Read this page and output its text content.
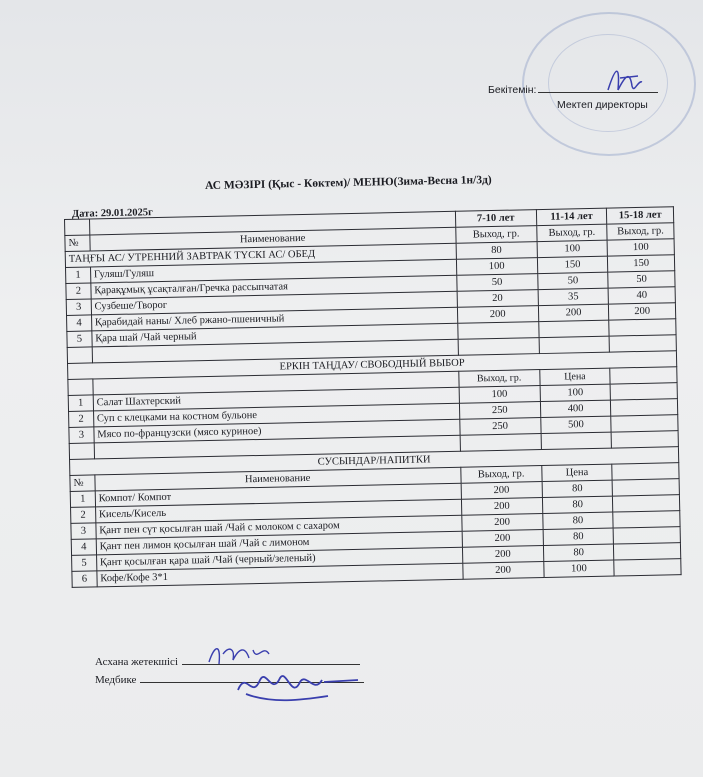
Бекітемін:
Мектеп директоры
АС МӘЗІРІ (Қыс - Көктем)/ МЕНЮ(Зима-Весна 1н/3д)
Дата: 29.01.2025г
			7-10 лет	11-14 лет	15-18 лет
№	Наименование	Выход, гр.	Выход, гр.	Выход, гр.
ТАҢҒЫ АС/ УТРЕННИЙ ЗАВТРАК ТҮСКІ АС/ ОБЕД		80	100	100
1	Гуляш/Гуляш	100	150	150
2	Қарақұмық ұсақталған/Гречка рассыпчатая	50	50	50
3	Сузбеше/Творог	20	35	40
4	Қарабидай наны/ Хлеб ржано-пшеничный	200	200	200
5	Қара шай /Чай черный			

ЕРКІН ТАҢДАУ/ СВОБОДНЫЙ ВЫБОР				
		Выход, гр.	Цена	
1	Салат Шахтерский	100	100	
2	Суп с клецками на костном бульоне	250	400	
3	Мясо по-французски (мясо куриное)	250	500	

СУСЫНДАР/НАПИТКИ				
№	Наименование	Выход, гр.	Цена	
1	Компот/ Компот	200	80	
2	Кисель/Кисель	200	80	
3	Қант пен сүт қосылған шай /Чай с молоком с сахаром	200	80	
4	Қант пен лимон қосылған шай /Чай с лимоном	200	80	
5	Қант қосылған қара шай /Чай (черный/зеленый)	200	80	
6	Кофе/Кофе 3*1	200	100	
Асхана жетекшісі
Медбике
